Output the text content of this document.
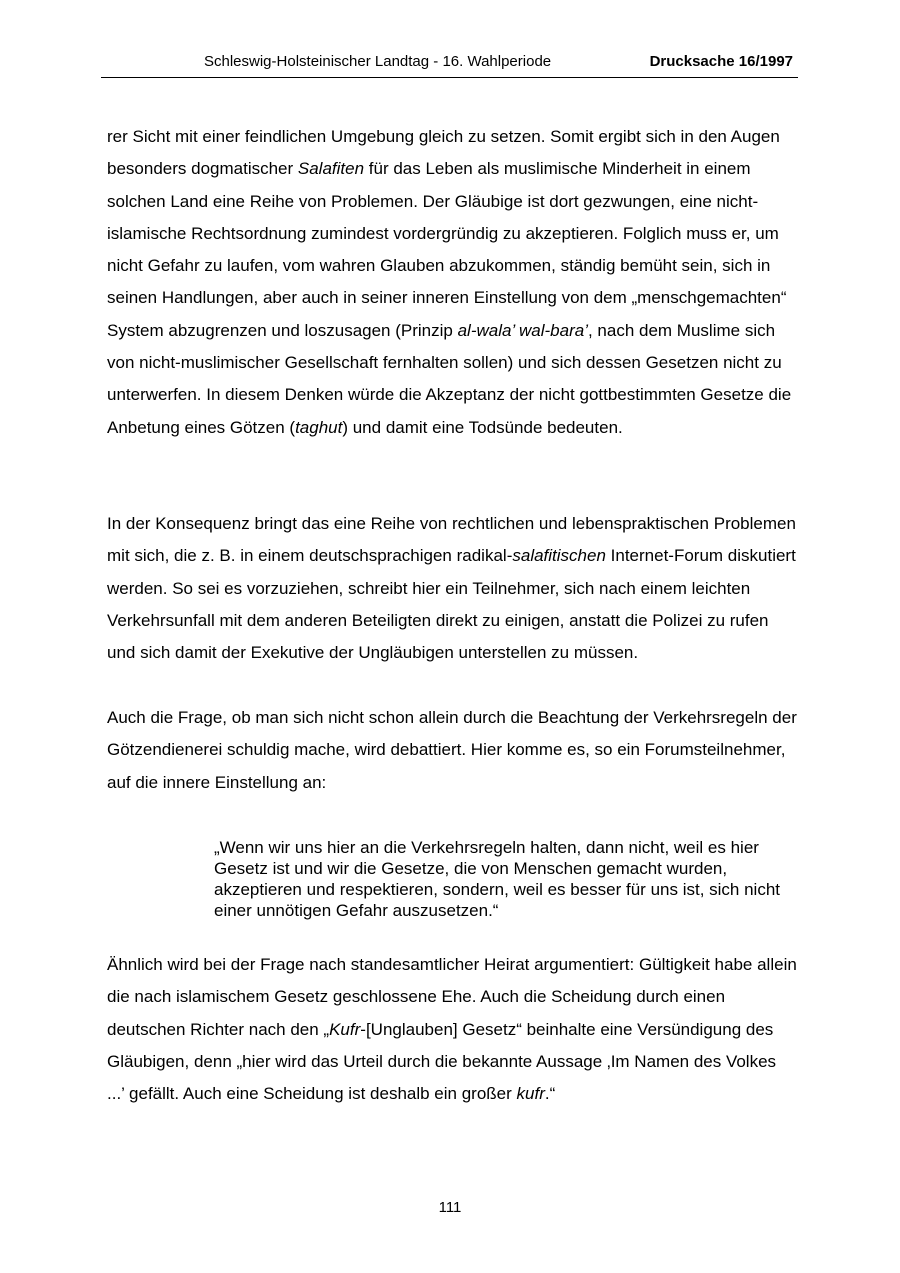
Schleswig-Holsteinischer Landtag - 16. Wahlperiode	Drucksache 16/1997

rer Sicht mit einer feindlichen Umgebung gleich zu setzen. Somit ergibt sich in den Augen besonders dogmatischer Salafiten für das Leben als muslimische Minderheit in einem solchen Land eine Reihe von Problemen. Der Gläubige ist dort gezwungen, eine nicht-islamische Rechtsordnung zumindest vordergründig zu akzeptieren. Folglich muss er, um nicht Gefahr zu laufen, vom wahren Glauben abzukommen, ständig bemüht sein, sich in seinen Handlungen, aber auch in seiner inneren Einstellung von dem „menschgemachten“ System abzugrenzen und loszusagen (Prinzip al-wala’ wal-bara’, nach dem Muslime sich von nicht-muslimischer Gesellschaft fernhalten sollen) und sich dessen Gesetzen nicht zu unterwerfen. In diesem Denken würde die Akzeptanz der nicht gottbestimmten Gesetze die Anbetung eines Götzen (taghut) und damit eine Todsünde bedeuten.

In der Konsequenz bringt das eine Reihe von rechtlichen und lebenspraktischen Problemen mit sich, die z. B. in einem deutschsprachigen radikal-salafitischen Internet-Forum diskutiert werden. So sei es vorzuziehen, schreibt hier ein Teilnehmer, sich nach einem leichten Verkehrsunfall mit dem anderen Beteiligten direkt zu einigen, anstatt die Polizei zu rufen und sich damit der Exekutive der Ungläubigen unterstellen zu müssen.

Auch die Frage, ob man sich nicht schon allein durch die Beachtung der Verkehrsregeln der Götzendienerei schuldig mache, wird debattiert. Hier komme es, so ein Forumsteilnehmer, auf die innere Einstellung an:

„Wenn wir uns hier an die Verkehrsregeln halten, dann nicht, weil es hier Gesetz ist und wir die Gesetze, die von Menschen gemacht wurden, akzeptieren und respektieren, sondern, weil es besser für uns ist, sich nicht einer unnötigen Gefahr auszusetzen.“

Ähnlich wird bei der Frage nach standesamtlicher Heirat argumentiert: Gültigkeit habe allein die nach islamischem Gesetz geschlossene Ehe. Auch die Scheidung durch einen deutschen Richter nach den „Kufr-[Unglauben] Gesetz“ beinhalte eine Versündigung des Gläubigen, denn „hier wird das Urteil durch die bekannte Aussage ‚Im Namen des Volkes ...’ gefällt. Auch eine Scheidung ist deshalb ein großer kufr.“

111
